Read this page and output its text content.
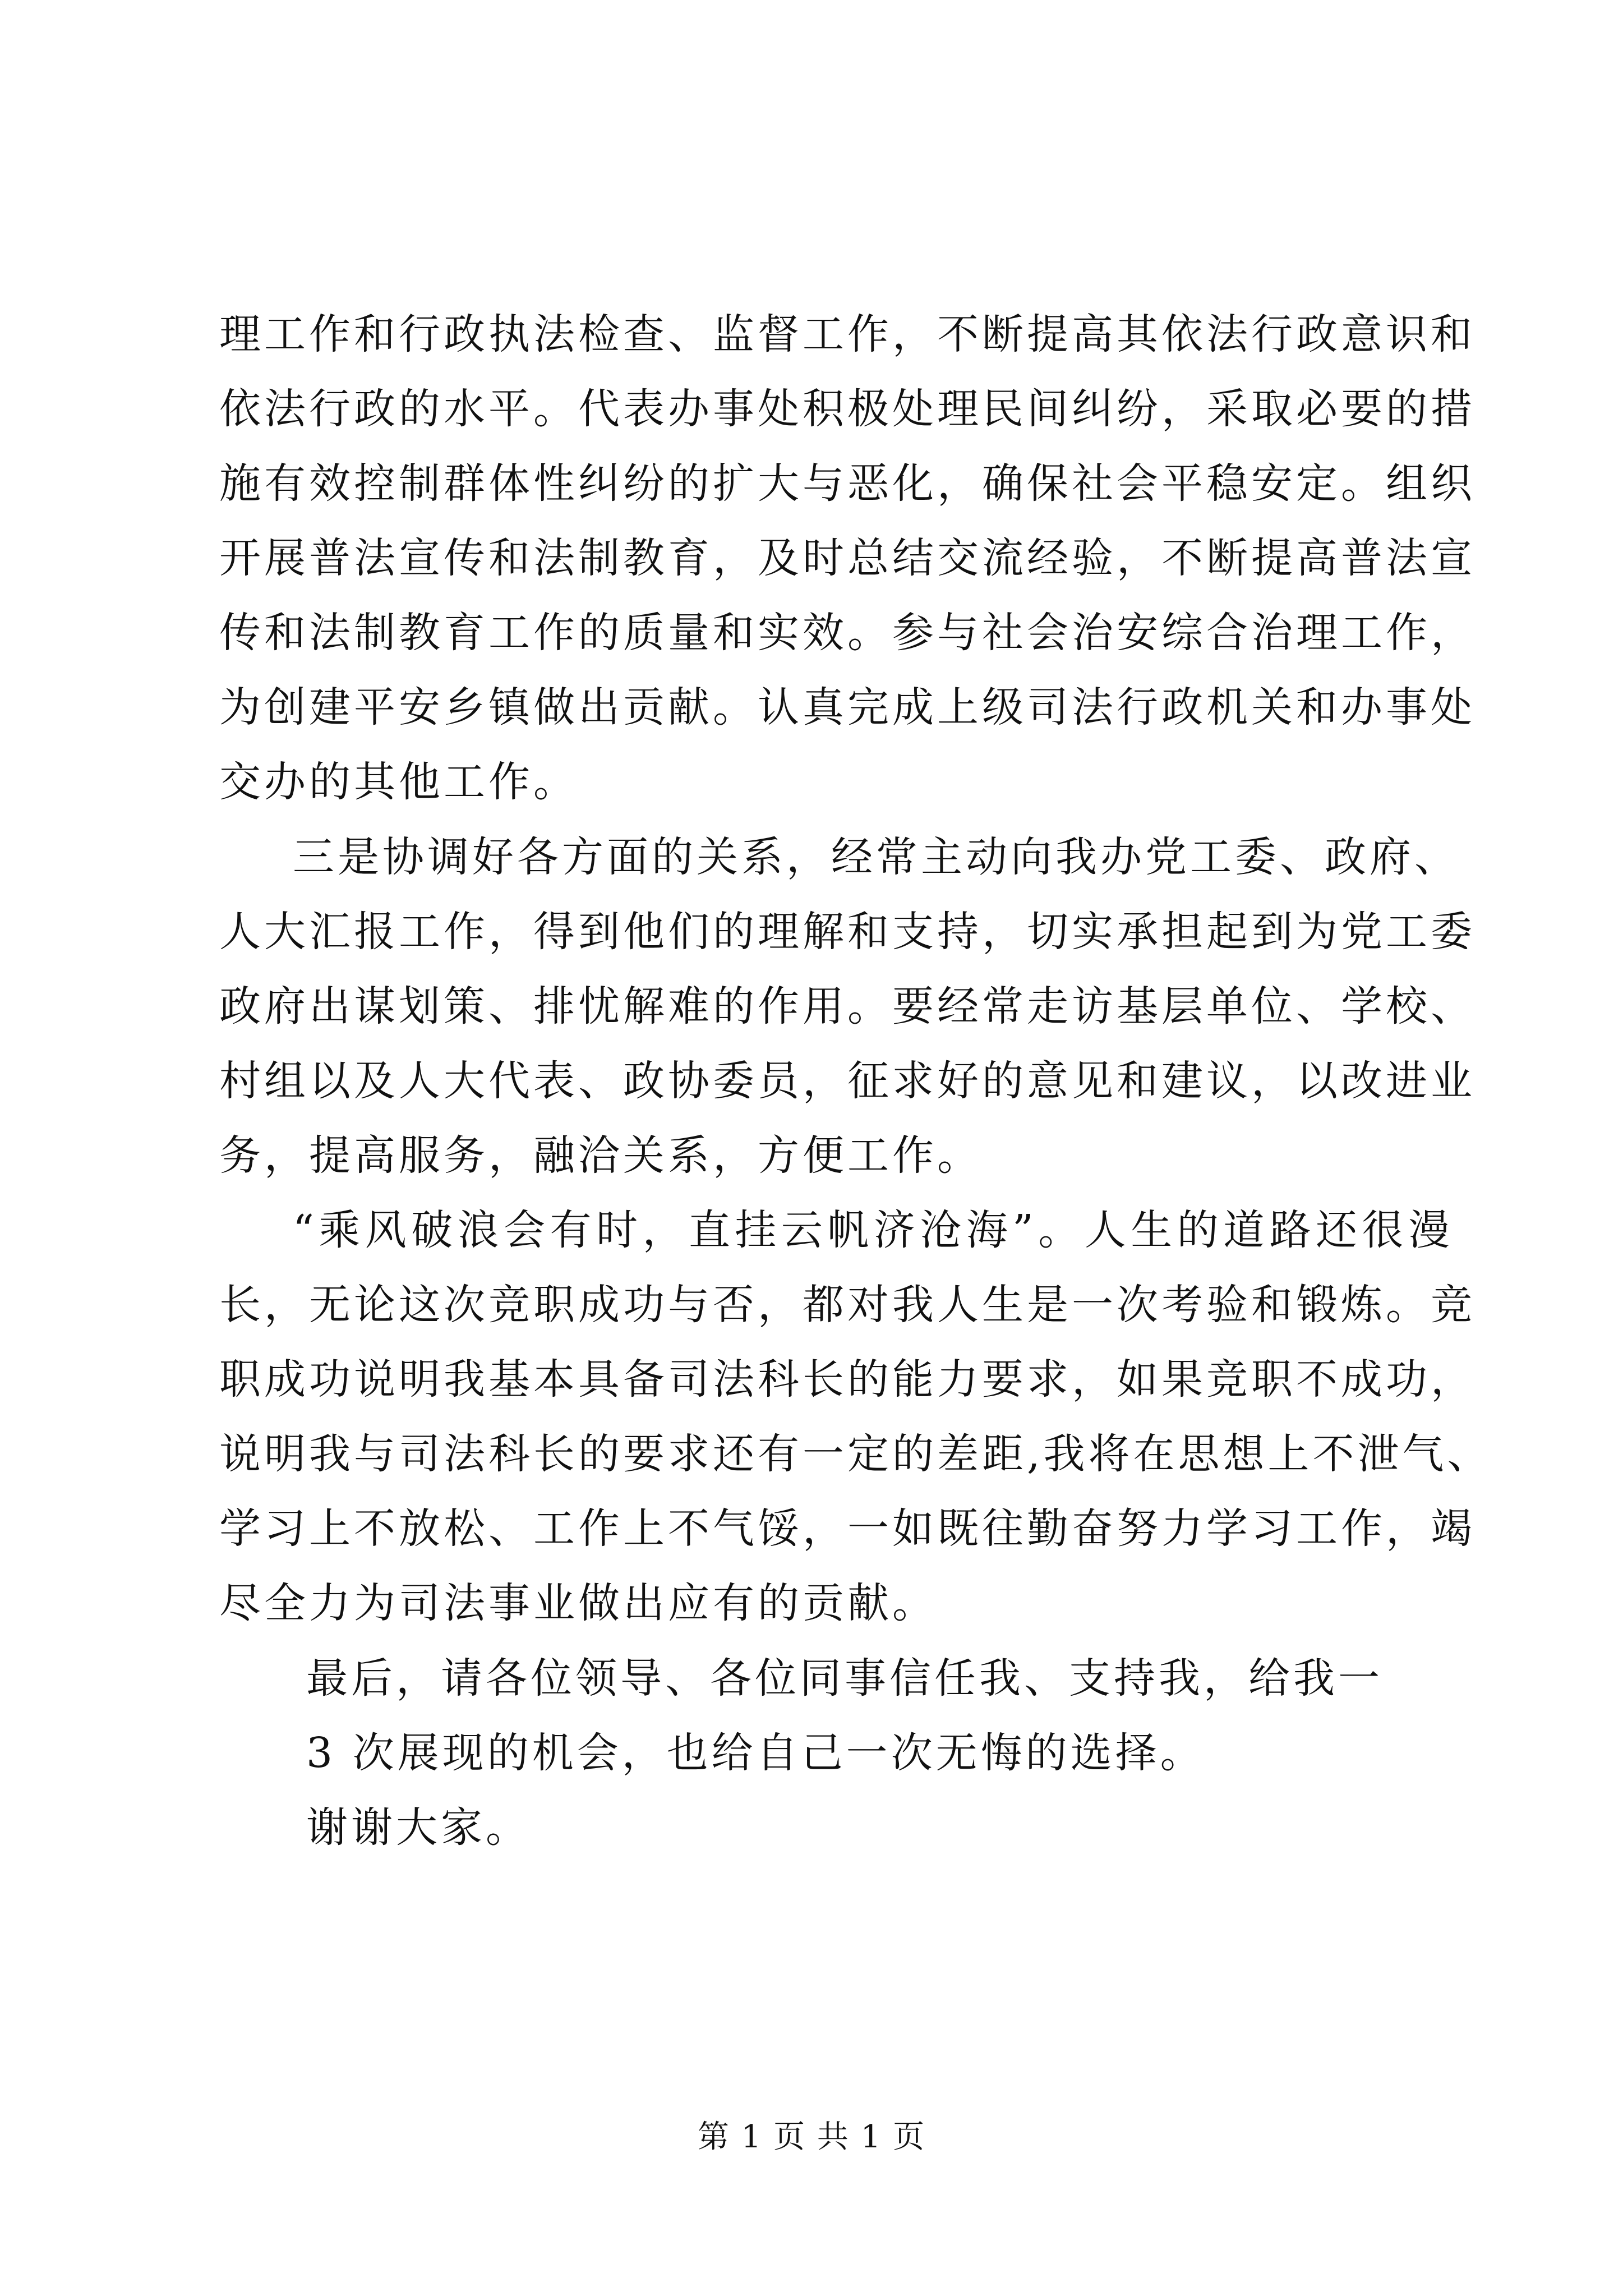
理工作和行政执法检查、监督工作，不断提高其依法行政意识和
依法行政的水平。代表办事处积极处理民间纠纷，采取必要的措
施有效控制群体性纠纷的扩大与恶化，确保社会平稳安定。组织
开展普法宣传和法制教育，及时总结交流经验，不断提高普法宣
传和法制教育工作的质量和实效。参与社会治安综合治理工作，
为创建平安乡镇做出贡献。认真完成上级司法行政机关和办事处
交办的其他工作。
三是协调好各方面的关系，经常主动向我办党工委、政府、
人大汇报工作，得到他们的理解和支持，切实承担起到为党工委
政府出谋划策、排忧解难的作用。要经常走访基层单位、学校、
村组以及人大代表、政协委员，征求好的意见和建议，以改进业
务，提高服务，融洽关系，方便工作。
“乘风破浪会有时，直挂云帆济沧海”。人生的道路还很漫
长，无论这次竞职成功与否，都对我人生是一次考验和锻炼。竞
职成功说明我基本具备司法科长的能力要求，如果竞职不成功，
说明我与司法科长的要求还有一定的差距,我将在思想上不泄气、
学习上不放松、工作上不气馁，一如既往勤奋努力学习工作，竭
尽全力为司法事业做出应有的贡献。
最后，请各位领导、各位同事信任我、支持我，给我一
3 次展现的机会，也给自己一次无悔的选择。
谢谢大家。
第 1 页 共 1 页
